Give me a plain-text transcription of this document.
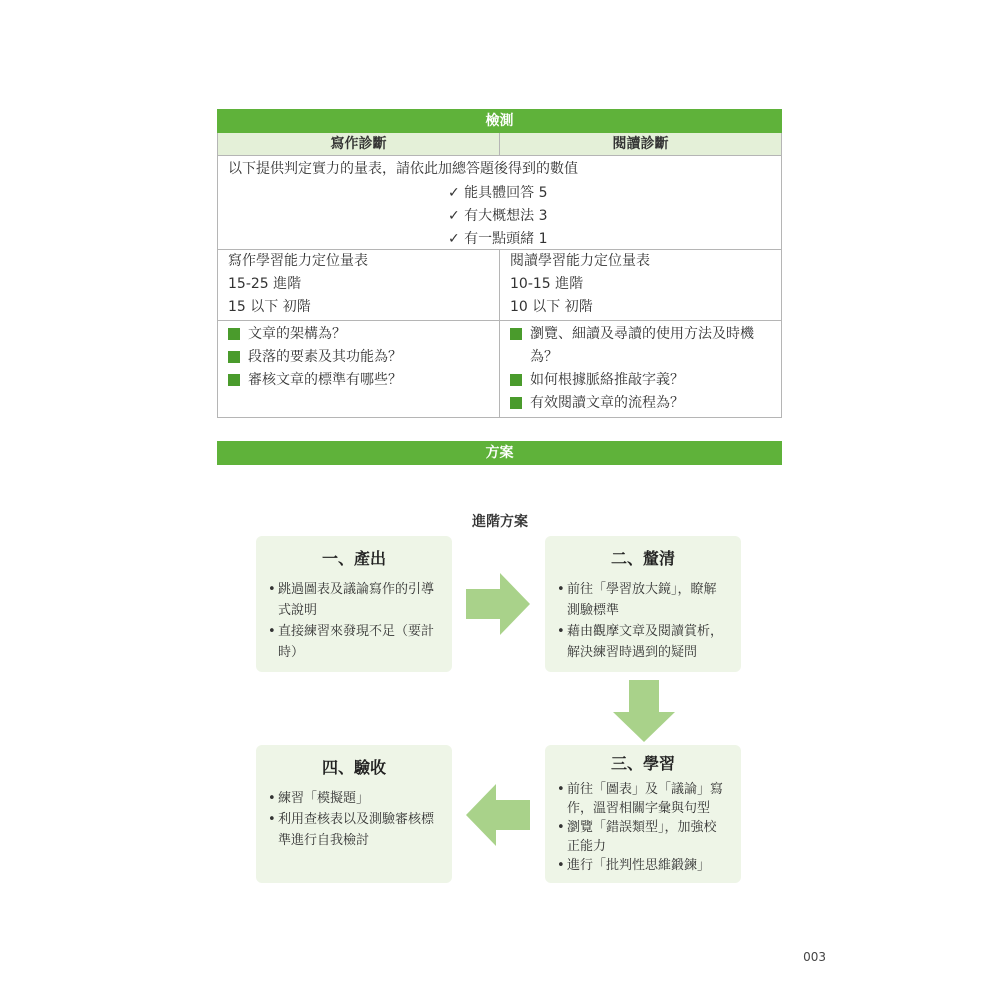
檢測
寫作診斷	閱讀診斷
以下提供判定實力的量表，請依此加總答題後得到的數值
✓ 能具體回答 5
✓ 有大概想法 3
✓ 有一點頭緒 1
寫作學習能力定位量表
15-25 進階
15 以下 初階
閱讀學習能力定位量表
10-15 進階
10 以下 初階
文章的架構為？
段落的要素及其功能為？
審核文章的標準有哪些？
瀏覽、細讀及尋讀的使用方法及時機為？
如何根據脈絡推敲字義？
有效閱讀文章的流程為？
方案
進階方案
一、產出
• 跳過圖表及議論寫作的引導式說明
• 直接練習來發現不足（要計時）
二、釐清
• 前往「學習放大鏡」，瞭解測驗標準
• 藉由觀摩文章及閱讀賞析，解決練習時遇到的疑問
三、學習
• 前往「圖表」及「議論」寫作，溫習相關字彙與句型
• 瀏覽「錯誤類型」，加強校正能力
• 進行「批判性思維鍛鍊」
四、驗收
• 練習「模擬題」
• 利用查核表以及測驗審核標準進行自我檢討
003
